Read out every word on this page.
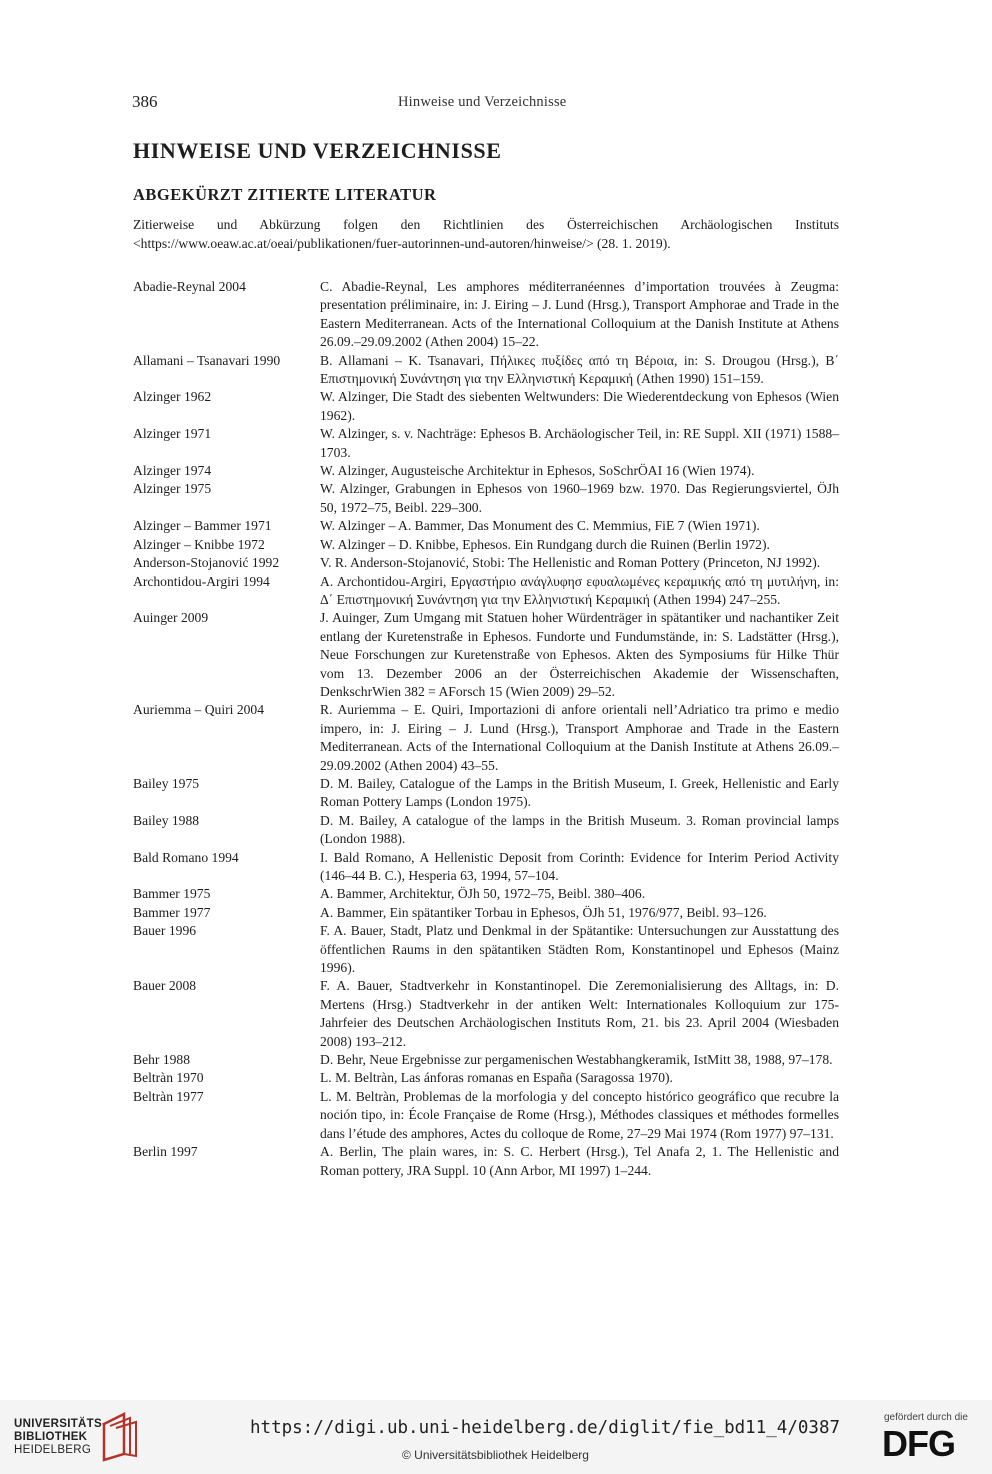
386	Hinweise und Verzeichnisse
HINWEISE UND VERZEICHNISSE
ABGEKÜRZT ZITIERTE LITERATUR
Zitierweise und Abkürzung folgen den Richtlinien des Österreichischen Archäologischen Instituts <https://www.oeaw.ac.at/oeai/publikationen/fuer-autorinnen-und-autoren/hinweise/> (28. 1. 2019).
Abadie-Reynal 2004	C. Abadie-Reynal, Les amphores méditerranéennes d’importation trouvées à Zeugma: presentation préliminaire, in: J. Eiring – J. Lund (Hrsg.), Transport Amphorae and Trade in the Eastern Mediterranean. Acts of the International Colloquium at the Danish Institute at Athens 26.09.–29.09.2002 (Athen 2004) 15–22.
Allamani – Tsanavari 1990	B. Allamani – K. Tsanavari, Πήλικες πυξίδες από τη Βέροια, in: S. Drougou (Hrsg.), Β΄ Επιστημονική Συνάντηση για την Ελληνιστική Κεραμική (Athen 1990) 151–159.
Alzinger 1962	W. Alzinger, Die Stadt des siebenten Weltwunders: Die Wiederentdeckung von Ephesos (Wien 1962).
Alzinger 1971	W. Alzinger, s. v. Nachträge: Ephesos B. Archäologischer Teil, in: RE Suppl. XII (1971) 1588–1703.
Alzinger 1974	W. Alzinger, Augusteische Architektur in Ephesos, SoSchrÖAI 16 (Wien 1974).
Alzinger 1975	W. Alzinger, Grabungen in Ephesos von 1960–1969 bzw. 1970. Das Regierungsviertel, ÖJh 50, 1972–75, Beibl. 229–300.
Alzinger – Bammer 1971	W. Alzinger – A. Bammer, Das Monument des C. Memmius, FiE 7 (Wien 1971).
Alzinger – Knibbe 1972	W. Alzinger – D. Knibbe, Ephesos. Ein Rundgang durch die Ruinen (Berlin 1972).
Anderson-Stojanović 1992	V. R. Anderson-Stojanović, Stobi: The Hellenistic and Roman Pottery (Princeton, NJ 1992).
Archontidou-Argiri 1994	A. Archontidou-Argiri, Εργαστήριο ανάγλυφησ εφυαλωμένες κεραμικής από τη μυτιλήνη, in: Δ΄ Επιστημονική Συνάντηση για την Ελληνιστική Κεραμική (Athen 1994) 247–255.
Auinger 2009	J. Auinger, Zum Umgang mit Statuen hoher Würdenträger in spätantiker und nachantiker Zeit entlang der Kuretenstraße in Ephesos. Fundorte und Fundumstände, in: S. Ladstätter (Hrsg.), Neue Forschungen zur Kuretenstraße von Ephesos. Akten des Symposiums für Hilke Thür vom 13. Dezember 2006 an der Österreichischen Akademie der Wissenschaften, DenkschrWien 382 = AForsch 15 (Wien 2009) 29–52.
Auriemma – Quiri 2004	R. Auriemma – E. Quiri, Importazioni di anfore orientali nell’Adriatico tra primo e medio impero, in: J. Eiring – J. Lund (Hrsg.), Transport Amphorae and Trade in the Eastern Mediterranean. Acts of the International Colloquium at the Danish Institute at Athens 26.09.–29.09.2002 (Athen 2004) 43–55.
Bailey 1975	D. M. Bailey, Catalogue of the Lamps in the British Museum, I. Greek, Hellenistic and Early Roman Pottery Lamps (London 1975).
Bailey 1988	D. M. Bailey, A catalogue of the lamps in the British Museum. 3. Roman provincial lamps (London 1988).
Bald Romano 1994	I. Bald Romano, A Hellenistic Deposit from Corinth: Evidence for Interim Period Activity (146–44 B. C.), Hesperia 63, 1994, 57–104.
Bammer 1975	A. Bammer, Architektur, ÖJh 50, 1972–75, Beibl. 380–406.
Bammer 1977	A. Bammer, Ein spätantiker Torbau in Ephesos, ÖJh 51, 1976/977, Beibl. 93–126.
Bauer 1996	F. A. Bauer, Stadt, Platz und Denkmal in der Spätantike: Untersuchungen zur Ausstattung des öffentlichen Raums in den spätantiken Städten Rom, Konstantinopel und Ephesos (Mainz 1996).
Bauer 2008	F. A. Bauer, Stadtverkehr in Konstantinopel. Die Zeremonialisierung des Alltags, in: D. Mertens (Hrsg.) Stadtverkehr in der antiken Welt: Internationales Kolloquium zur 175-Jahrfeier des Deutschen Archäologischen Instituts Rom, 21. bis 23. April 2004 (Wiesbaden 2008) 193–212.
Behr 1988	D. Behr, Neue Ergebnisse zur pergamenischen Westabhangkeramik, IstMitt 38, 1988, 97–178.
Beltràn 1970	L. M. Beltràn, Las ánforas romanas en España (Saragossa 1970).
Beltràn 1977	L. M. Beltràn, Problemas de la morfologia y del concepto histórico geográfico que recubre la noción tipo, in: École Française de Rome (Hrsg.), Méthodes classiques et méthodes formelles dans l’étude des amphores, Actes du colloque de Rome, 27–29 Mai 1974 (Rom 1977) 97–131.
Berlin 1997	A. Berlin, The plain wares, in: S. C. Herbert (Hrsg.), Tel Anafa 2, 1. The Hellenistic and Roman pottery, JRA Suppl. 10 (Ann Arbor, MI 1997) 1–244.
UNIVERSITÄTS-
BIBLIOTHEK
HEIDELBERG
https://digi.ub.uni-heidelberg.de/diglit/fie_bd11_4/0387
© Universitätsbibliothek Heidelberg
gefördert durch die
DFG
